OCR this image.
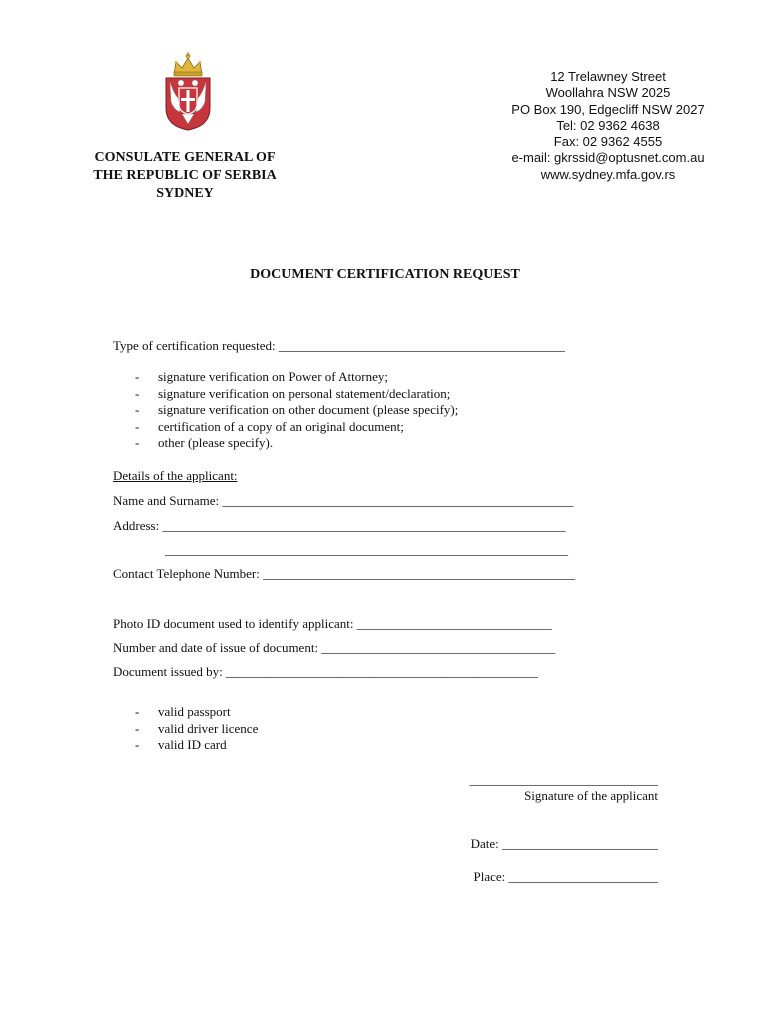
CONSULATE GENERAL OF
THE REPUBLIC OF SERBIA
SYDNEY
12 Trelawney Street
Woollahra NSW 2025
PO Box 190, Edgecliff NSW 2027
Tel: 02 9362 4638
Fax: 02 9362 4555
e-mail: gkrssid@optusnet.com.au
www.sydney.mfa.gov.rs
DOCUMENT CERTIFICATION REQUEST
Type of certification requested: ____________________________________________
-	signature verification on Power of Attorney;
-	signature verification on personal statement/declaration;
-	signature verification on other document (please specify);
-	certification of a copy of an original document;
-	other (please specify).
Details of the applicant:
Name and Surname: ______________________________________________________
Address: ______________________________________________________________
______________________________________________________________
Contact Telephone Number: ________________________________________________
Photo ID document used to identify applicant: ______________________________
Number and date of issue of document: ____________________________________
Document issued by: ________________________________________________
-	valid passport
-	valid driver licence
-	valid ID card
_____________________________
Signature of the applicant
Date: ________________________
Place: _______________________
